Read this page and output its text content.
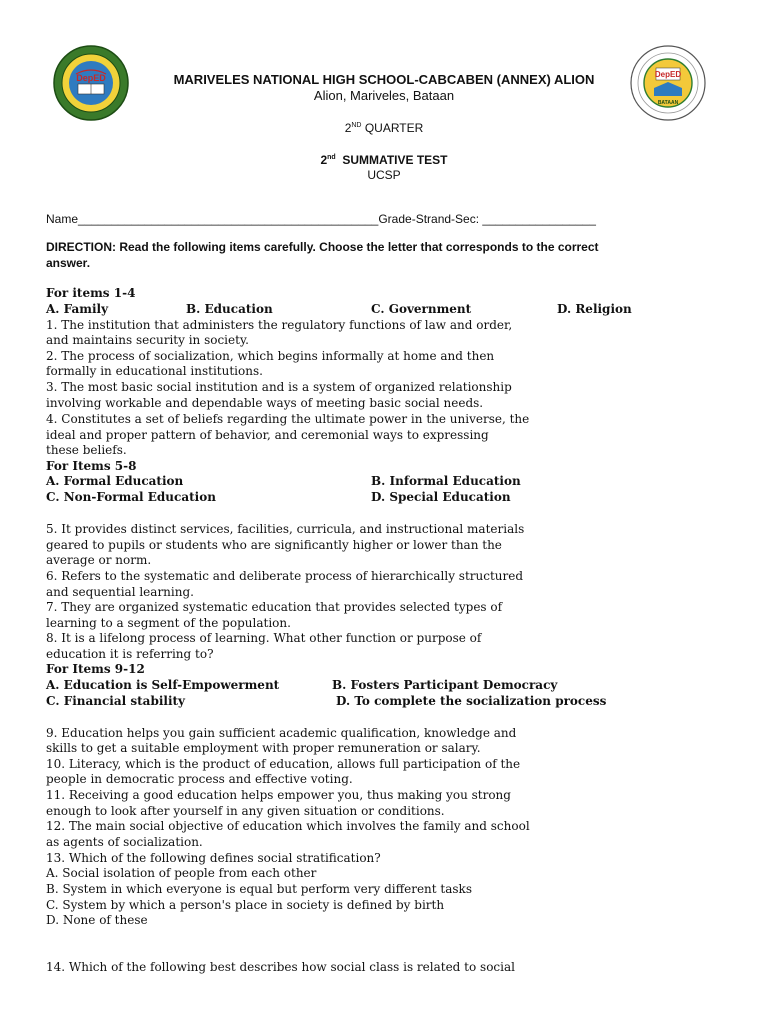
DepED	DepED
BATAAN
MARIVELES NATIONAL HIGH SCHOOL-CABCABEN (ANNEX) ALION
Alion, Mariveles, Bataan
2ND QUARTER
2nd SUMMATIVE TEST
UCSP
Name_____________________________________________Grade-Strand-Sec: _________________
DIRECTION: Read the following items carefully. Choose the letter that corresponds to the correct
answer.
For items 1-4
A. Family	B. Education	C. Government	D. Religion
1. The institution that administers the regulatory functions of law and order,
and maintains security in society.
2. The process of socialization, which begins informally at home and then
formally in educational institutions.
3. The most basic social institution and is a system of organized relationship
involving workable and dependable ways of meeting basic social needs.
4. Constitutes a set of beliefs regarding the ultimate power in the universe, the
ideal and proper pattern of behavior, and ceremonial ways to expressing
these beliefs.
For Items 5-8
A. Formal Education	B. Informal Education
C. Non-Formal Education	D. Special Education
5. It provides distinct services, facilities, curricula, and instructional materials
geared to pupils or students who are significantly higher or lower than the
average or norm.
6. Refers to the systematic and deliberate process of hierarchically structured
and sequential learning.
7. They are organized systematic education that provides selected types of
learning to a segment of the population.
8. It is a lifelong process of learning. What other function or purpose of
education it is referring to?
For Items 9-12
A. Education is Self-Empowerment	B. Fosters Participant Democracy
C. Financial stability	D. To complete the socialization process
9. Education helps you gain sufficient academic qualification, knowledge and
skills to get a suitable employment with proper remuneration or salary.
10. Literacy, which is the product of education, allows full participation of the
people in democratic process and effective voting.
11. Receiving a good education helps empower you, thus making you strong
enough to look after yourself in any given situation or conditions.
12. The main social objective of education which involves the family and school
as agents of socialization.
13. Which of the following defines social stratification?
A. Social isolation of people from each other
B. System in which everyone is equal but perform very different tasks
C. System by which a person's place in society is defined by birth
D. None of these
14. Which of the following best describes how social class is related to social
